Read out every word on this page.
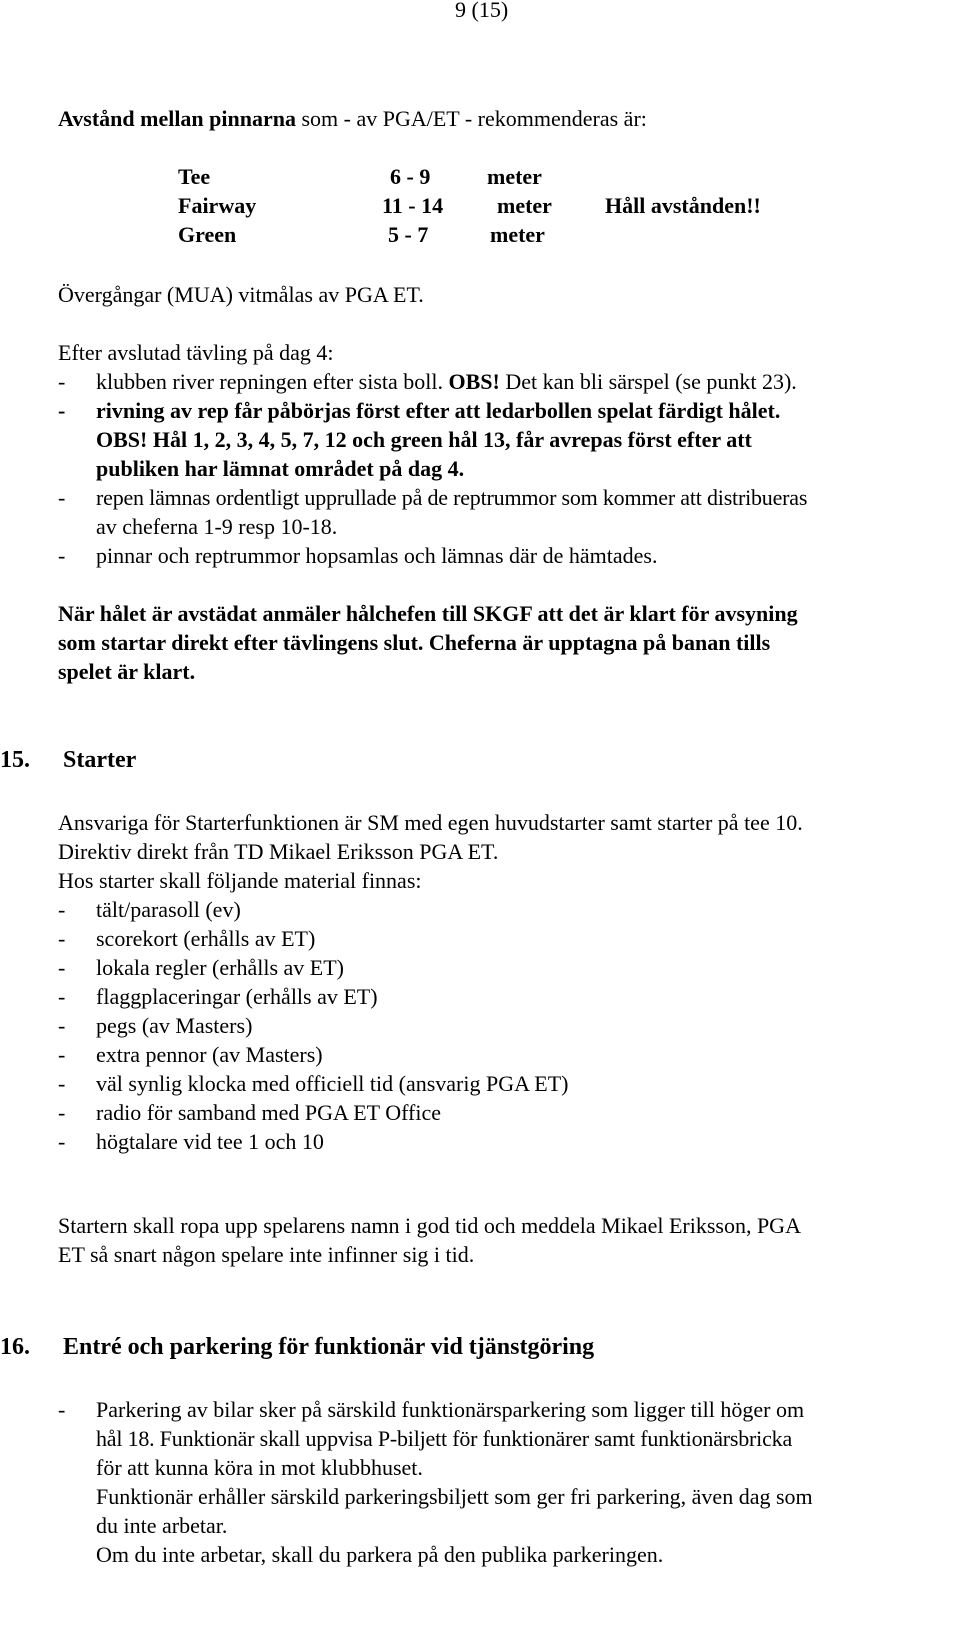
9 (15)
Avstånd mellan pinnarna som - av PGA/ET - rekommenderas är:
Tee	6 - 9	meter
Fairway	11 - 14 meter Håll avstånden!!
Green	5 - 7	meter
Övergångar (MUA) vitmålas av PGA ET.
Efter avslutad tävling på dag 4:
- klubben river repningen efter sista boll. OBS! Det kan bli särspel (se punkt 23).
- rivning av rep får påbörjas först efter att ledarbollen spelat färdigt hålet.
OBS! Hål 1, 2, 3, 4, 5, 7, 12 och green hål 13, får avrepas först efter att
publiken har lämnat området på dag 4.
- repen lämnas ordentligt upprullade på de reptrummor som kommer att distribueras
av cheferna 1-9 resp 10-18.
- pinnar och reptrummor hopsamlas och lämnas där de hämtades.
När hålet är avstädat anmäler hålchefen till SKGF att det är klart för avsyning
som startar direkt efter tävlingens slut. Cheferna är upptagna på banan tills
spelet är klart.
15. Starter
Ansvariga för Starterfunktionen är SM med egen huvudstarter samt starter på tee 10.
Direktiv direkt från TD Mikael Eriksson PGA ET.
Hos starter skall följande material finnas:
- tält/parasoll (ev)
- scorekort (erhålls av ET)
- lokala regler (erhålls av ET)
- flaggplaceringar (erhålls av ET)
- pegs (av Masters)
- extra pennor (av Masters)
- väl synlig klocka med officiell tid (ansvarig PGA ET)
- radio för samband med PGA ET Office
- högtalare vid tee 1 och 10
Startern skall ropa upp spelarens namn i god tid och meddela Mikael Eriksson, PGA
ET så snart någon spelare inte infinner sig i tid.
16. Entré och parkering för funktionär vid tjänstgöring
- Parkering av bilar sker på särskild funktionärsparkering som ligger till höger om
hål 18. Funktionär skall uppvisa P-biljett för funktionärer samt funktionärsbricka
för att kunna köra in mot klubbhuset.
Funktionär erhåller särskild parkeringsbiljett som ger fri parkering, även dag som
du inte arbetar.
Om du inte arbetar, skall du parkera på den publika parkeringen.
